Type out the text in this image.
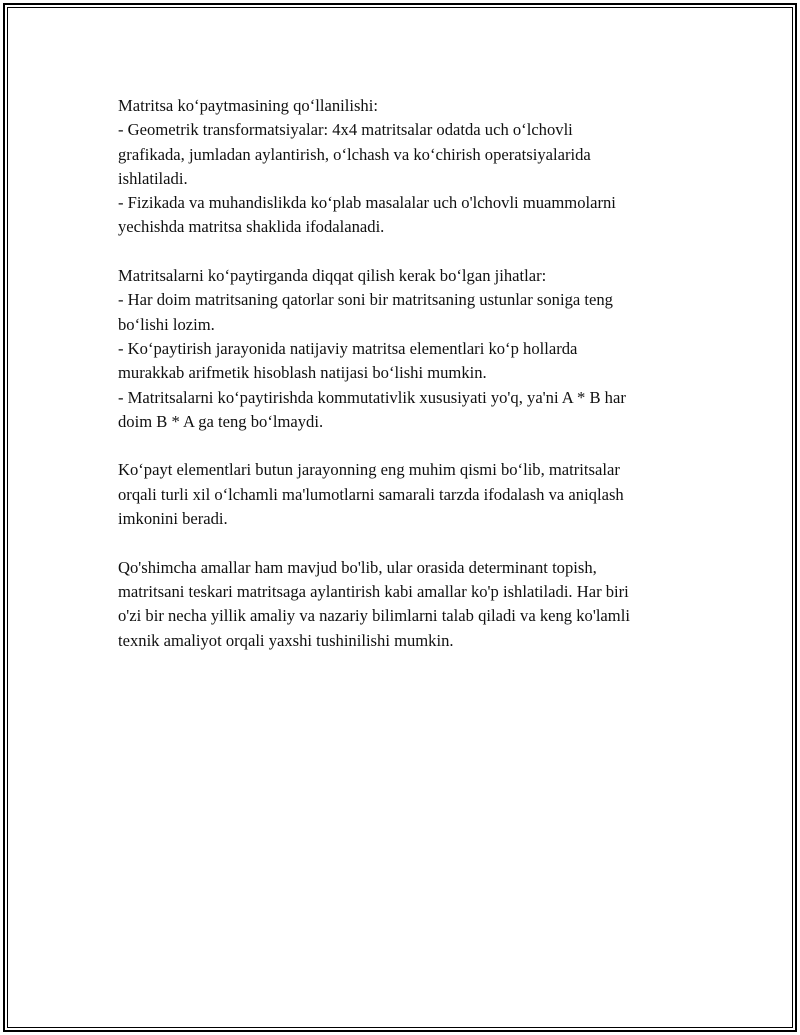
Matritsa koʻpaytmasining qoʻllanilishi:
- Geometrik transformatsiyalar: 4x4 matritsalar odatda uch oʻlchovli
grafikada, jumladan aylantirish, oʻlchash va koʻchirish operatsiyalarida
ishlatiladi.
- Fizikada va muhandislikda koʻplab masalalar uch o'lchovli muammolarni
yechishda matritsa shaklida ifodalanadi.

Matritsalarni koʻpaytirganda diqqat qilish kerak boʻlgan jihatlar:
- Har doim matritsaning qatorlar soni bir matritsaning ustunlar soniga teng
boʻlishi lozim.
- Koʻpaytirish jarayonida natijaviy matritsa elementlari koʻp hollarda
murakkab arifmetik hisoblash natijasi boʻlishi mumkin.
- Matritsalarni koʻpaytirishda kommutativlik xususiyati yo'q, ya'ni A * B har
doim B * A ga teng boʻlmaydi.

Koʻpayt elementlari butun jarayonning eng muhim qismi boʻlib, matritsalar
orqali turli xil oʻlchamli ma'lumotlarni samarali tarzda ifodalash va aniqlash
imkonini beradi.

Qo'shimcha amallar ham mavjud bo'lib, ular orasida determinant topish,
matritsani teskari matritsaga aylantirish kabi amallar ko'p ishlatiladi. Har biri
o'zi bir necha yillik amaliy va nazariy bilimlarni talab qiladi va keng ko'lamli
texnik amaliyot orqali yaxshi tushinilishi mumkin.
